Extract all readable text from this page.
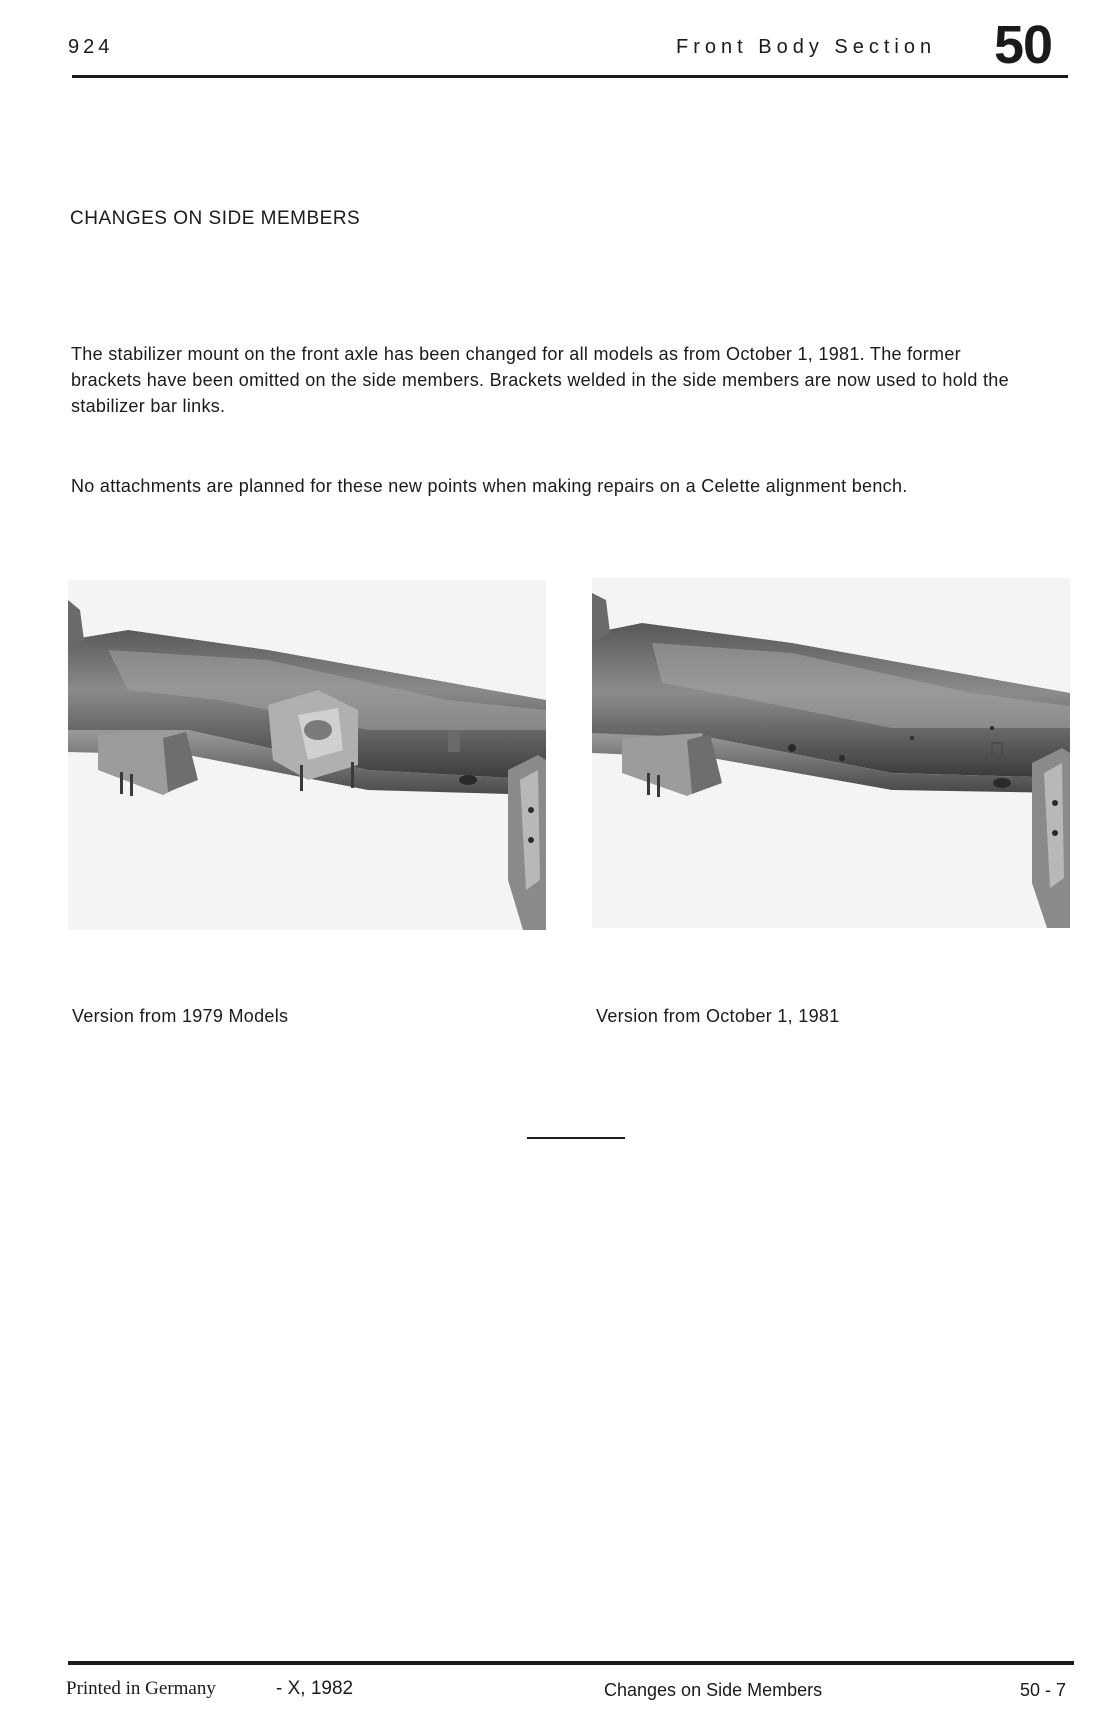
924	Front Body Section 50
CHANGES ON SIDE MEMBERS
The stabilizer mount on the front axle has been changed for all models as from October 1, 1981. The former brackets have been omitted on the side members. Brackets welded in the side members are now used to hold the stabilizer bar links.
No attachments are planned for these new points when making repairs on a Celette alignment bench.
Version from 1979 Models	Version from October 1, 1981
Printed in Germany	- X, 1982	Changes on Side Members	50 - 7
